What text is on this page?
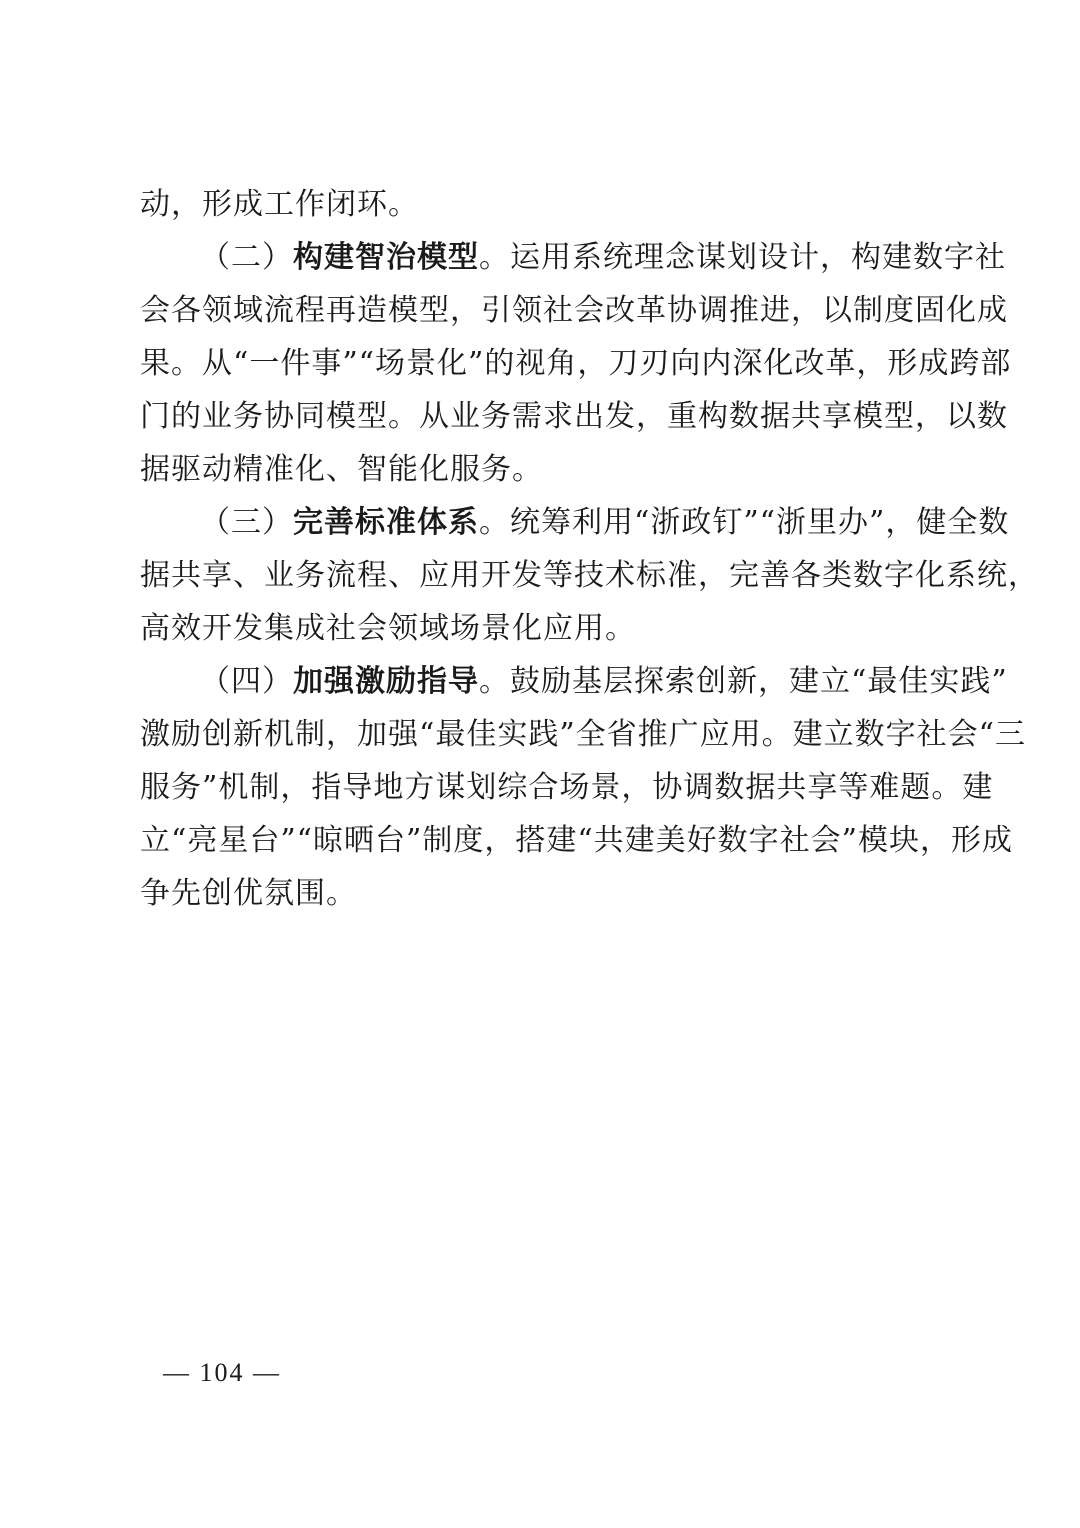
动，形成工作闭环。
（二）构建智治模型。运用系统理念谋划设计，构建数字社
会各领域流程再造模型，引领社会改革协调推进，以制度固化成
果。从“一件事”“场景化”的视角，刀刃向内深化改革，形成跨部
门的业务协同模型。从业务需求出发，重构数据共享模型，以数
据驱动精准化、智能化服务。
（三）完善标准体系。统筹利用“浙政钉”“浙里办”，健全数
据共享、业务流程、应用开发等技术标准，完善各类数字化系统，
高效开发集成社会领域场景化应用。
（四）加强激励指导。鼓励基层探索创新，建立“最佳实践”
激励创新机制，加强“最佳实践”全省推广应用。建立数字社会“三
服务”机制，指导地方谋划综合场景，协调数据共享等难题。建
立“亮星台”“晾晒台”制度，搭建“共建美好数字社会”模块，形成
争先创优氛围。
— 104 —
